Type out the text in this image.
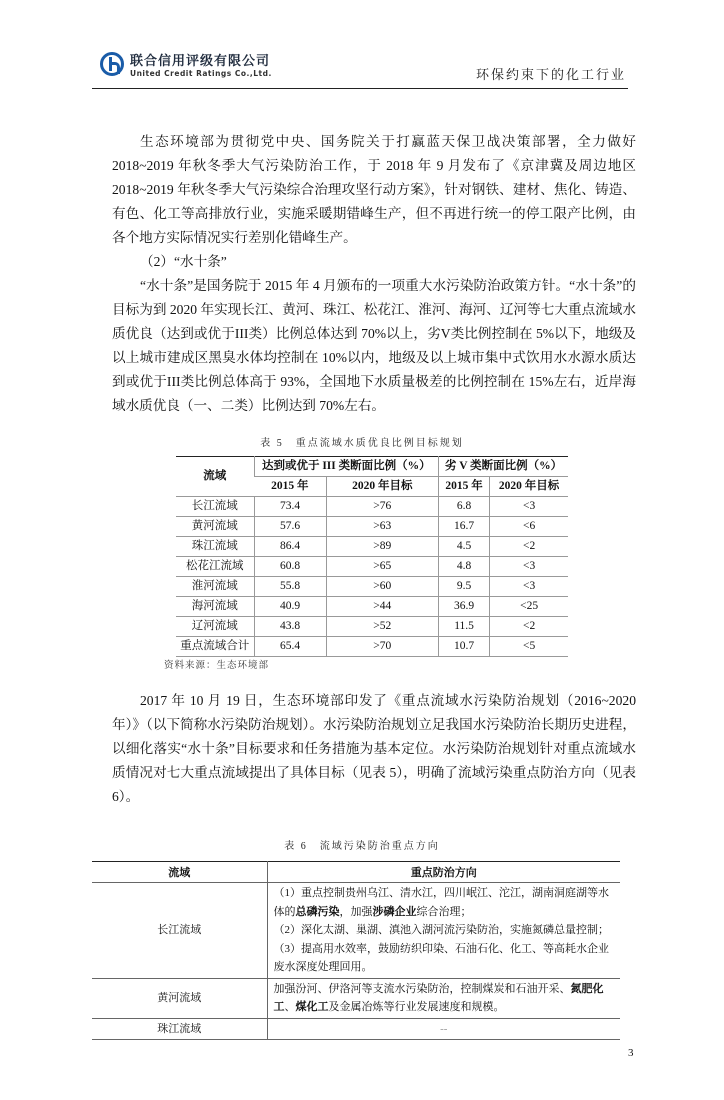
联合信用评级有限公司
United Credit Ratings Co.,Ltd.	环保约束下的化工行业

生态环境部为贯彻党中央、国务院关于打赢蓝天保卫战决策部署，全力做好 2018~2019 年秋冬季大气污染防治工作，于 2018 年 9 月发布了《京津冀及周边地区 2018~2019 年秋冬季大气污染综合治理攻坚行动方案》，针对钢铁、建材、焦化、铸造、有色、化工等高排放行业，实施采暖期错峰生产，但不再进行统一的停工限产比例，由各个地方实际情况实行差别化错峰生产。

（2）“水十条”

“水十条”是国务院于 2015 年 4 月颁布的一项重大水污染防治政策方针。“水十条”的目标为到 2020 年实现长江、黄河、珠江、松花江、淮河、海河、辽河等七大重点流域水质优良（达到或优于III类）比例总体达到 70%以上，劣V类比例控制在 5%以下，地级及以上城市建成区黑臭水体均控制在 10%以内，地级及以上城市集中式饮用水水源水质达到或优于III类比例总体高于 93%，全国地下水质量极差的比例控制在 15%左右，近岸海域水质优良（一、二类）比例达到 70%左右。

表 5　重点流域水质优良比例目标规划
流域	达到或优于 III 类断面比例（%）		劣 V 类断面比例（%）	
	2015 年	2020 年目标	2015 年	2020 年目标
长江流域	73.4	>76	6.8	<3
黄河流域	57.6	>63	16.7	<6
珠江流域	86.4	>89	4.5	<2
松花江流域	60.8	>65	4.8	<3
淮河流域	55.8	>60	9.5	<3
海河流域	40.9	>44	36.9	<25
辽河流域	43.8	>52	11.5	<2
重点流域合计	65.4	>70	10.7	<5
资料来源：生态环境部

2017 年 10 月 19 日，生态环境部印发了《重点流域水污染防治规划（2016~2020 年）》（以下简称水污染防治规划）。水污染防治规划立足我国水污染防治长期历史进程，以细化落实“水十条”目标要求和任务措施为基本定位。水污染防治规划针对重点流域水质情况对七大重点流域提出了具体目标（见表 5），明确了流域污染重点防治方向（见表 6）。

表 6　流域污染防治重点方向
流域	重点防治方向
长江流域	（1）重点控制贵州乌江、清水江，四川岷江、沱江，湖南洞庭湖等水体的总磷污染，加强涉磷企业综合治理；
（2）深化太湖、巢湖、滇池入湖河流污染防治，实施氮磷总量控制；
（3）提高用水效率，鼓励纺织印染、石油石化、化工、等高耗水企业废水深度处理回用。
黄河流域	加强汾河、伊洛河等支流水污染防治，控制煤炭和石油开采、氮肥化工、煤化工及金属冶炼等行业发展速度和规模。
珠江流域	--
3
